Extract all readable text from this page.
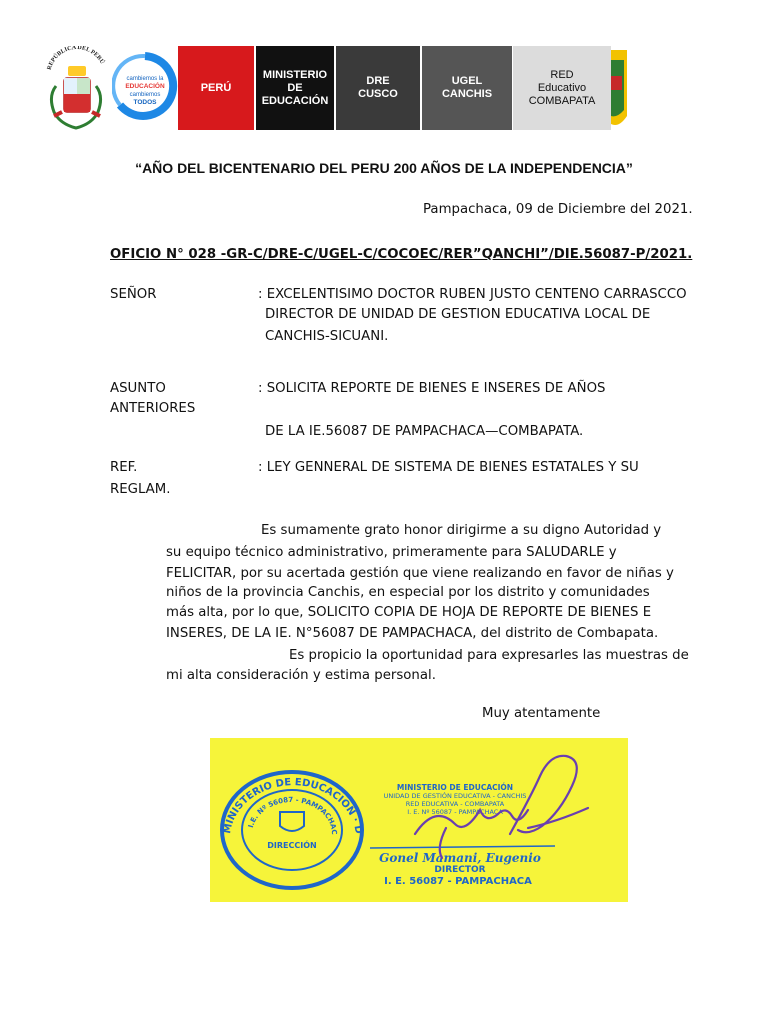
REPÚBLICA DEL PERÚ
cambiemos la
EDUCACIÓN
cambiemos
TODOS
PERÚ
MINISTERIO
DE
EDUCACIÓN
DRE
CUSCO
UGEL
CANCHIS
RED
Educativo
COMBAPATA
“AÑO DEL BICENTENARIO DEL PERU 200 AÑOS DE LA INDEPENDENCIA”
Pampachaca, 09 de Diciembre del 2021.
OFICIO N° 028 -GR-C/DRE-C/UGEL-C/COCOEC/RER”QANCHI”/DIE.56087-P/2021.
SEÑOR	: EXCELENTISIMO DOCTOR RUBEN JUSTO CENTENO CARRASCCO
DIRECTOR DE UNIDAD DE GESTION EDUCATIVA LOCAL DE
CANCHIS-SICUANI.
ASUNTO	: SOLICITA REPORTE DE BIENES E INSERES DE AÑOS
ANTERIORES
DE LA IE.56087 DE PAMPACHACA—COMBAPATA.
REF.	: LEY GENNERAL DE SISTEMA DE BIENES ESTATALES Y SU
REGLAM.
Es sumamente grato honor dirigirme a su digno Autoridad y
su equipo técnico administrativo, primeramente para SALUDARLE y
FELICITAR, por su acertada gestión que viene realizando en favor de niñas y
niños de la provincia Canchis, en especial por los distrito y comunidades
más alta, por lo que, SOLICITO COPIA DE HOJA DE REPORTE DE BIENES E
INSERES, DE LA IE. N°56087 DE PAMPACHACA, del distrito de Combapata.
Es propicio la oportunidad para expresarles las muestras de
mi alta consideración y estima personal.
Muy atentamente
MINISTERIO DE EDUCACION · D
I.E. Nº 56087 - PAMPACHAC
DIRECCIÓN
MINISTERIO DE EDUCACIÓN
UNIDAD DE GESTIÓN EDUCATIVA - CANCHIS
RED EDUCATIVA - COMBAPATA
I. E. Nº 56087 - PAMPACHACA
Gonel Mamani, Eugenio
DIRECTOR
I. E. 56087 - PAMPACHACA
